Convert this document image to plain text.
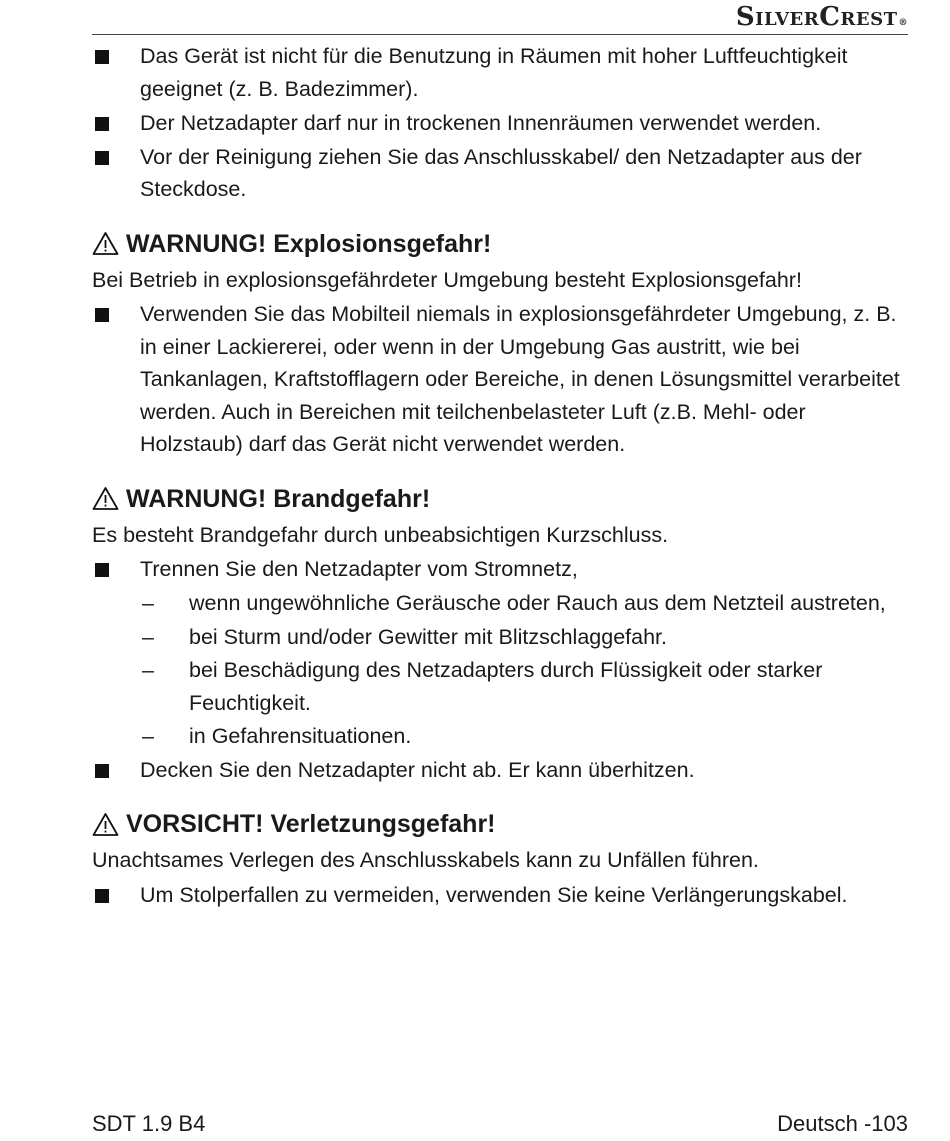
SilverCrest®
Das Gerät ist nicht für die Benutzung in Räumen mit hoher Luftfeuchtigkeit geeignet (z. B. Badezimmer).
Der Netzadapter darf nur in trockenen Innenräumen verwendet werden.
Vor der Reinigung ziehen Sie das Anschlusskabel/ den Netzadapter aus der Steckdose.
WARNUNG! Explosionsgefahr!
Bei Betrieb in explosionsgefährdeter Umgebung besteht Explosionsgefahr!
Verwenden Sie das Mobilteil niemals in explosionsgefährdeter Umgebung, z. B. in einer Lackiererei, oder wenn in der Umgebung Gas austritt, wie bei Tankanlagen, Kraftstofflagern oder Bereiche, in denen Lösungsmittel verarbeitet werden. Auch in Bereichen mit teilchenbelasteter Luft (z.B. Mehl- oder Holzstaub) darf das Gerät nicht verwendet werden.
WARNUNG! Brandgefahr!
Es besteht Brandgefahr durch unbeabsichtigen Kurzschluss.
Trennen Sie den Netzadapter vom Stromnetz,
– wenn ungewöhnliche Geräusche oder Rauch aus dem Netzteil austreten,
– bei Sturm und/oder Gewitter mit Blitzschlaggefahr.
– bei Beschädigung des Netzadapters durch Flüssigkeit oder starker Feuchtigkeit.
– in Gefahrensituationen.
Decken Sie den Netzadapter nicht ab. Er kann überhitzen.
VORSICHT! Verletzungsgefahr!
Unachtsames Verlegen des Anschlusskabels kann zu Unfällen führen.
Um Stolperfallen zu vermeiden, verwenden Sie keine Verlängerungskabel.
SDT 1.9 B4	Deutsch -103
